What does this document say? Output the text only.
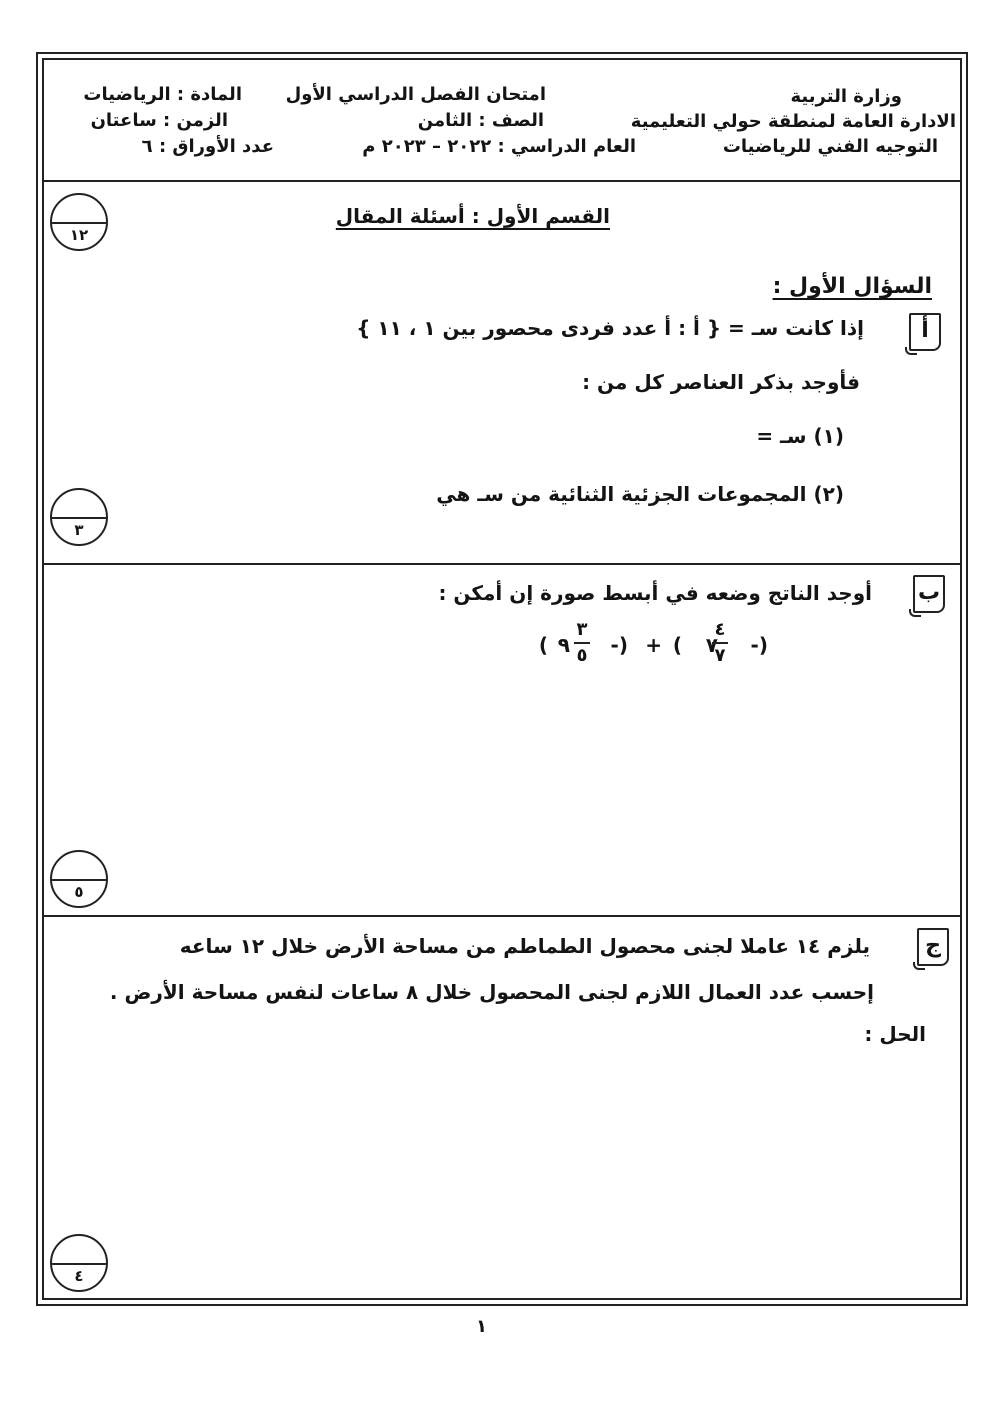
وزارة التربية
الادارة العامة لمنطقة حولي التعليمية
التوجيه الفني للرياضيات
امتحان الفصل الدراسي الأول
الصف : الثامن
العام الدراسي : ٢٠٢٢ – ٢٠٢٣ م
المادة : الرياضيات
الزمن : ساعتان
عدد الأوراق : ٦
القسم الأول : أسئلة المقال
١٢
السؤال الأول :
أ
إذا كانت سـ = { أ : أ عدد فردى محصور بين ١ ، ١١ }
فأوجد بذكر العناصر كل من :
(١) سـ =
(٢) المجموعات الجزئية الثنائية من سـ هي
٣
ب
أوجد الناتج وضعه في أبسط صورة إن أمكن :
(-
٧
٤
٧
)
+
(-
٣
٥
٩
)
٥
ج
يلزم ١٤ عاملا لجنى محصول الطماطم من مساحة الأرض خلال ١٢ ساعه
إحسب عدد العمال اللازم لجنى المحصول خلال ٨ ساعات لنفس مساحة الأرض .
الحل :
٤
١
